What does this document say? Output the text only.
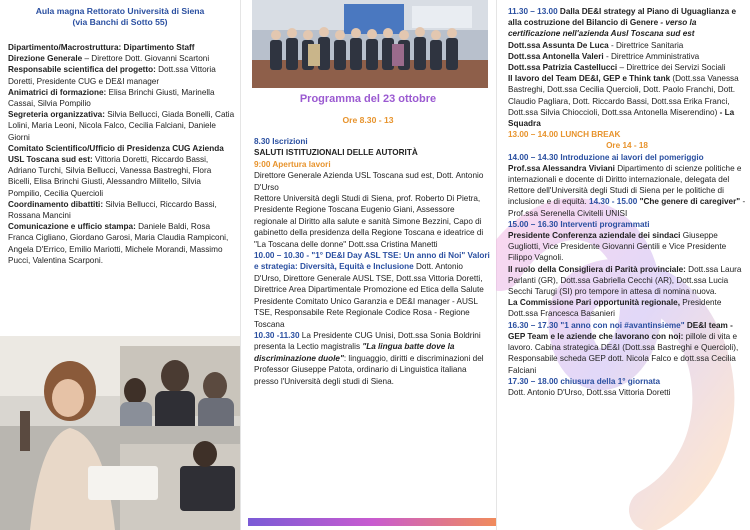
Aula magna Rettorato Università di Siena
(via Banchi di Sotto 55)

Dipartimento/Macrostruttura: Dipartimento Staff

Direzione Generale – Direttore Dott. Giovanni Scartoni

Responsabile scientifica del progetto: Dott.ssa Vittoria Doretti, Presidente CUG e DE&I manager

Animatrici di formazione: Elisa Brinchi Giusti, Marinella Cassai, Silvia Pompilio

Segreteria organizzativa: Silvia Bellucci, Giada Bonelli, Catia Lolini, Maria Leoni, Nicola Falco, Cecilia Falciani, Daniele Giorni

Comitato Scientifico/Ufficio di Presidenza CUG Azienda USL Toscana sud est: Vittoria Doretti, Riccardo Bassi, Adriano Turchi, Silvia Bellucci, Vanessa Bastreghi, Flora Bicelli, Elisa Brinchi Giusti, Alessandro Militello, Silvia Pompilio, Cecilia Quercioli

Coordinamento dibattiti: Silvia Bellucci, Riccardo Bassi, Rossana Mancini

Comunicazione e ufficio stampa: Daniele Baldi, Rosa Franca Cigliano, Giordano Garosi, Maria Claudia Rampiconi, Angela D'Errico, Emilio Mariotti, Michele Morandi, Massimo Pucci, Valentina Scarponi.

Programma del 23 ottobre
Ore 8.30 - 13

8.30 Iscrizioni

SALUTI ISTITUZIONALI DELLE AUTORITÀ

9:00 Apertura lavori

Direttore Generale Azienda USL Toscana sud est, Dott. Antonio D'Urso

Rettore Università degli Studi di Siena, prof. Roberto Di Pietra, Presidente Regione Toscana Eugenio Giani, Assessore regionale al Diritto alla salute e sanità Simone Bezzini, Capo di gabinetto della presidenza della Regione Toscana e ideatrice di "La Toscana delle donne" Dott.ssa Cristina Manetti

10.00 – 10.30 - "1° DE&I Day ASL TSE: Un anno di Noi" Valori e strategia: Diversità, Equità e Inclusione Dott. Antonio D'Urso, Direttore Generale AUSL TSE, Dott.ssa Vittoria Doretti, Direttrice Area Dipartimentale Promozione ed Etica della Salute Presidente Comitato Unico Garanzia e DE&I manager - AUSL TSE, Responsabile Rete Regionale Codice Rosa - Regione Toscana

10.30 -11.30 La Presidente CUG Unisi, Dott.ssa Sonia Boldrini presenta la Lectio magistralis "La lingua batte dove la discriminazione duole": linguaggio, diritti e discriminazioni del Professor Giuseppe Patota, ordinario di Linguistica italiana presso l'Università degli studi di Siena.

11.30 – 13.00 Dalla DE&I strategy al Piano di Uguaglianza e alla costruzione del Bilancio di Genere - verso la certificazione nell'azienda Ausl Toscana sud est

Dott.ssa Assunta De Luca - Direttrice Sanitaria

Dott.ssa Antonella Valeri - Direttrice Amministrativa

Dott.ssa Patrizia Castellucci – Direttrice dei Servizi Sociali

Il lavoro del Team DE&I, GEP e Think tank (Dott.ssa Vanessa Bastreghi, Dott.ssa Cecilia Quercioli, Dott. Paolo Franchi, Dott. Claudio Pagliara, Dott. Riccardo Bassi, Dott.ssa Erika Franci, Dott.ssa Silvia Chioccioli, Dott.ssa Antonella Miserendino) - La Squadra

13.00 – 14.00 LUNCH BREAK

Ore 14 - 18

14.00 – 14.30 Introduzione ai lavori del pomeriggio

Prof.ssa Alessandra Viviani Dipartimento di scienze politiche e internazionali e docente di Diritto internazionale, delegata del Rettore dell'Università degli Studi di Siena per le politiche di inclusione e di equità. 14.30 - 15.00 "Che genere di caregiver" - Prof.ssa Serenella Civitelli UNISI

15.00 – 16.30 Interventi programmati

Presidente Conferenza aziendale dei sindaci Giuseppe Gugliotti, Vice Presidente Giovanni Gentili e Vice Presidente Filippo Vagnoli.

Il ruolo della Consigliera di Parità provinciale: Dott.ssa Laura Parlanti (GR), Dott.ssa Gabriella Cecchi (AR), Dott.ssa Lucia Secchi Tarugi (SI) pro tempore in attesa di nomina nuova.

La Commissione Pari opportunità regionale, Presidente Dott.ssa Francesca Basanieri

16.30 – 17.30 "1 anno con noi #avantinsieme" DE&I team - GEP Team e le aziende che lavorano con noi: pillole di vita e lavoro. Cabina strategica DE&I (Dott.ssa Bastreghi e Quercioli), Responsabile scheda GEP dott. Nicola Falco e dott.ssa Cecilia Falciani

17.30 – 18.00 chiusura della 1° giornata

Dott. Antonio D'Urso, Dott.ssa Vittoria Doretti
